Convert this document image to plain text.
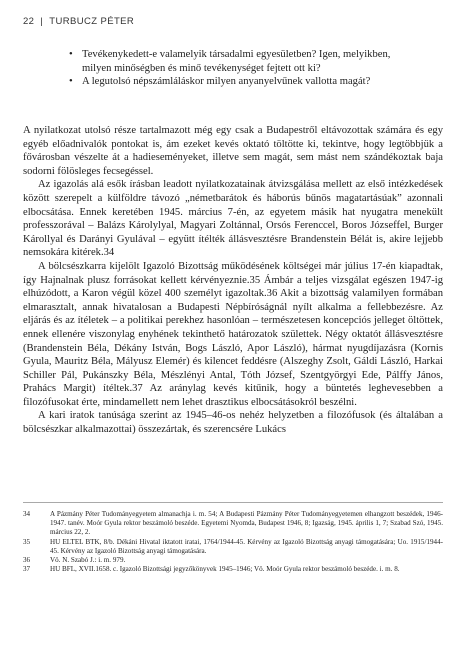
22 | TURBUCZ PÉTER
• Tevékenykedett-e valamelyik társadalmi egyesületben? Igen, melyikben, milyen minőségben és minő tevékenységet fejtett ott ki?
• A legutolsó népszámláláskor milyen anyanyelvűnek vallotta magát?

A nyilatkozat utolsó része tartalmazott még egy csak a Budapestről eltávozottak számára és egy egyéb előadnivalók pontokat is, ám ezeket kevés oktató töltötte ki, tekintve, hogy legtöbbjük a fővárosban vészelte át a hadieseményeket, illetve sem magát, sem mást nem szándékoztak baja sodorni fölösleges fecsegéssel.

Az igazolás alá esők írásban leadott nyilatkozatainak átvizsgálása mellett az első intézkedések között szerepelt a külföldre távozó „németbarátok és háborús bűnös magatartásúak” azonnali elbocsátása. Ennek keretében 1945. március 7-én, az egyetem másik hat nyugatra menekült professzorával – Balázs Károlylyal, Magyari Zoltánnal, Orsós Ferenccel, Boros Józseffel, Burger Károllyal és Darányi Gyulával – együtt ítélték állásvesztésre Brandenstein Bélát is, akire lejjebb nemsokára kitérek.34

A bölcsészkarra kijelölt Igazoló Bizottság működésének költségei már július 17-én kiapadtak, így Hajnalnak plusz forrásokat kellett kérvényeznie.35 Ámbár a teljes vizsgálat egészen 1947-ig elhúzódott, a Karon végül közel 400 személyt igazoltak.36 Akit a bizottság valamilyen formában elmarasztalt, annak hivatalosan a Budapesti Népbíróságnál nyílt alkalma a fellebbezésre. Az eljárás és az ítéletek – a politikai perekhez hasonlóan – természetesen koncepciós jelleget öltöttek, ennek ellenére viszonylag enyhének tekinthető határozatok születtek. Négy oktatót állásvesztésre (Brandenstein Béla, Dékány István, Bogs László, Apor László), hármat nyugdíjazásra (Kornis Gyula, Mauritz Béla, Mályusz Elemér) és kilencet feddésre (Alszeghy Zsolt, Gáldi László, Harkai Schiller Pál, Pukánszky Béla, Mészlényi Antal, Tóth József, Szentgyörgyi Ede, Pálffy János, Prahács Margit) ítéltek.37 Az aránylag kevés kitűnik, hogy a büntetés leghevesebben a filozófusokat érte, mindamellett nem lehet drasztikus elbocsátásokról beszélni.

A kari iratok tanúsága szerint az 1945–46-os nehéz helyzetben a filozófusok (és általában a bölcsészkar alkalmazottai) összezártak, és szerencsére Lukács

34	A Pázmány Péter Tudományegyetem almanachja i. m. 54; A Budapesti Pázmány Péter Tudományegyetemen elhangzott beszédek, 1946-1947. tanév. Moór Gyula rektor beszámoló beszéde. Egyetemi Nyomda, Budapest 1946, 8; Igazság, 1945. április 1, 7; Szabad Szó, 1945. március 22, 2.
35	HU ELTEL BTK, 8/b. Dékáni Hivatal iktatott iratai, 1764/1944-45. Kérvény az Igazoló Bizottság anyagi támogatására; Uo. 1915/1944-45. Kérvény az Igazoló Bizottság anyagi támogatására.
36	Vö. N. Szabó J.: i. m. 979.
37	HU BFL, XVII.1658. c. Igazoló Bizottsági jegyzőkönyvek 1945–1946; Vö. Moór Gyula rektor beszámoló beszéde. i. m. 8.
